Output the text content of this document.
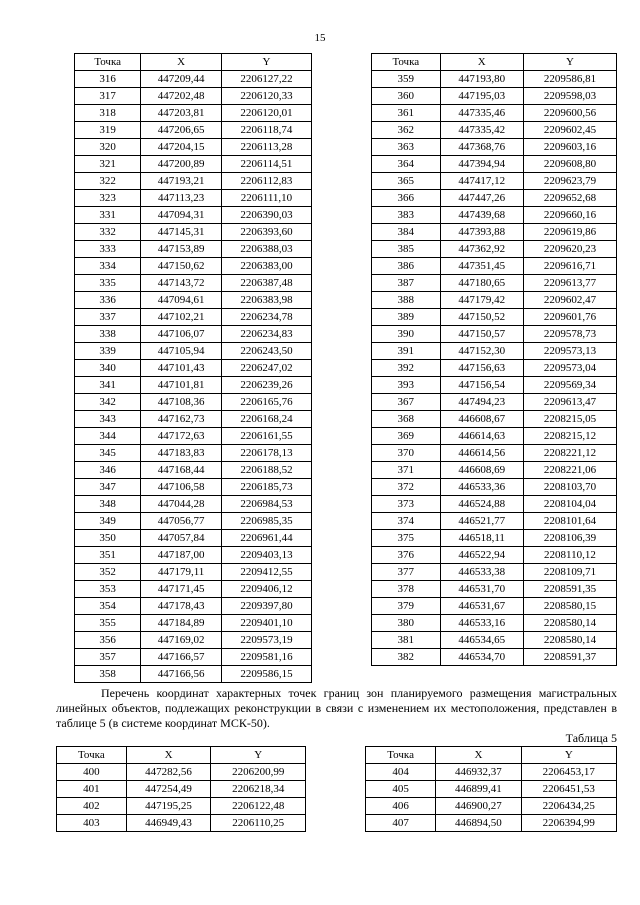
15
Точка	X	Y
316	447209,44	2206127,22
317	447202,48	2206120,33
318	447203,81	2206120,01
319	447206,65	2206118,74
320	447204,15	2206113,28
321	447200,89	2206114,51
322	447193,21	2206112,83
323	447113,23	2206111,10
331	447094,31	2206390,03
332	447145,31	2206393,60
333	447153,89	2206388,03
334	447150,62	2206383,00
335	447143,72	2206387,48
336	447094,61	2206383,98
337	447102,21	2206234,78
338	447106,07	2206234,83
339	447105,94	2206243,50
340	447101,43	2206247,02
341	447101,81	2206239,26
342	447108,36	2206165,76
343	447162,73	2206168,24
344	447172,63	2206161,55
345	447183,83	2206178,13
346	447168,44	2206188,52
347	447106,58	2206185,73
348	447044,28	2206984,53
349	447056,77	2206985,35
350	447057,84	2206961,44
351	447187,00	2209403,13
352	447179,11	2209412,55
353	447171,45	2209406,12
354	447178,43	2209397,80
355	447184,89	2209401,10
356	447169,02	2209573,19
357	447166,57	2209581,16
358	447166,56	2209586,15
Точка	X	Y
359	447193,80	2209586,81
360	447195,03	2209598,03
361	447335,46	2209600,56
362	447335,42	2209602,45
363	447368,76	2209603,16
364	447394,94	2209608,80
365	447417,12	2209623,79
366	447447,26	2209652,68
383	447439,68	2209660,16
384	447393,88	2209619,86
385	447362,92	2209620,23
386	447351,45	2209616,71
387	447180,65	2209613,77
388	447179,42	2209602,47
389	447150,52	2209601,76
390	447150,57	2209578,73
391	447152,30	2209573,13
392	447156,63	2209573,04
393	447156,54	2209569,34
367	447494,23	2209613,47
368	446608,67	2208215,05
369	446614,63	2208215,12
370	446614,56	2208221,12
371	446608,69	2208221,06
372	446533,36	2208103,70
373	446524,88	2208104,04
374	446521,77	2208101,64
375	446518,11	2208106,39
376	446522,94	2208110,12
377	446533,38	2208109,71
378	446531,70	2208591,35
379	446531,67	2208580,15
380	446533,16	2208580,14
381	446534,65	2208580,14
382	446534,70	2208591,37

Перечень координат характерных точек границ зон планируемого размещения магистральных линейных объектов, подлежащих реконструкции в связи с изменением их местоположения, представлен в таблице 5 (в системе координат МСК-50).

Таблица 5
Точка	X	Y
400	447282,56	2206200,99
401	447254,49	2206218,34
402	447195,25	2206122,48
403	446949,43	2206110,25
Точка	X	Y
404	446932,37	2206453,17
405	446899,41	2206451,53
406	446900,27	2206434,25
407	446894,50	2206394,99
